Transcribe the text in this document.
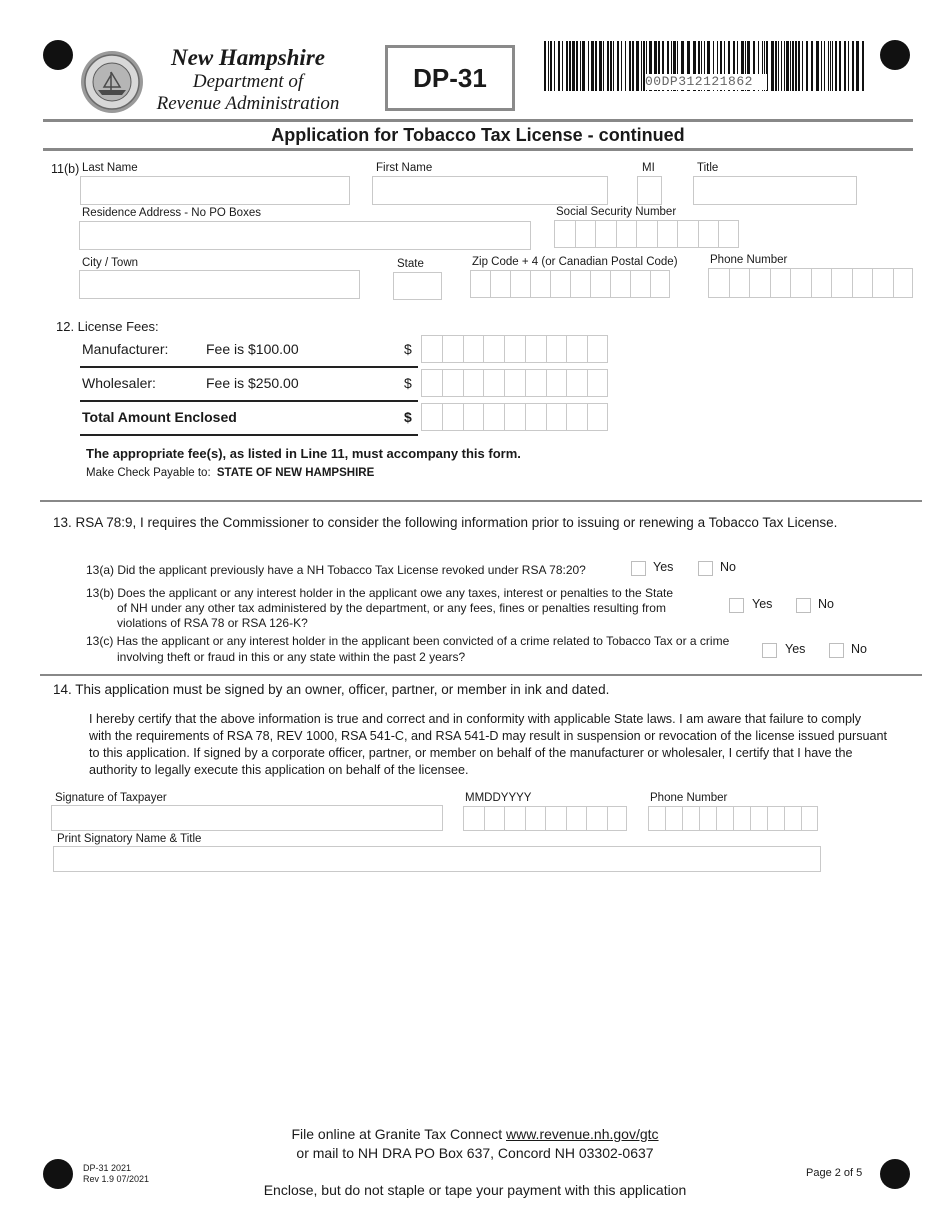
New Hampshire
Department of
Revenue Administration
DP-31	00DP312121862
Application for Tobacco Tax License - continued
11(b) Last Name	First Name	MI	Title
Residence Address - No PO Boxes	Social Security Number
City / Town	State	Zip Code + 4 (or Canadian Postal Code)	Phone Number
12. License Fees:
Manufacturer:	Fee is $100.00	$
Wholesaler:	Fee is $250.00	$
Total Amount Enclosed	$
The appropriate fee(s), as listed in Line 11, must accompany this form.
Make Check Payable to: STATE OF NEW HAMPSHIRE
13. RSA 78:9, I requires the Commissioner to consider the following information prior to issuing or renewing a Tobacco Tax License.
13(a) Did the applicant previously have a NH Tobacco Tax License revoked under RSA 78:20?	Yes	No
13(b) Does the applicant or any interest holder in the applicant owe any taxes, interest or penalties to the State
of NH under any other tax administered by the department, or any fees, fines or penalties resulting from
violations of RSA 78 or RSA 126-K?
Yes	No
13(c) Has the applicant or any interest holder in the applicant been convicted of a crime related to Tobacco Tax or a crime
involving theft or fraud in this or any state within the past 2 years?
Yes	No
14. This application must be signed by an owner, officer, partner, or member in ink and dated.
I hereby certify that the above information is true and correct and in conformity with applicable State laws. I am aware that failure to comply
with the requirements of RSA 78, REV 1000, RSA 541-C, and RSA 541-D may result in suspension or revocation of the license issued pursuant
to this application. If signed by a corporate officer, partner, or member on behalf of the manufacturer or wholesaler, I certify that I have the
authority to legally execute this application on behalf of the licensee.
Signature of Taxpayer	MMDDYYYY	Phone Number
Print Signatory Name & Title
File online at Granite Tax Connect www.revenue.nh.gov/gtc
or mail to NH DRA PO Box 637, Concord NH 03302-0637
Enclose, but do not staple or tape your payment with this application
DP-31 2021
Rev 1.9 07/2021	Page 2 of 5
